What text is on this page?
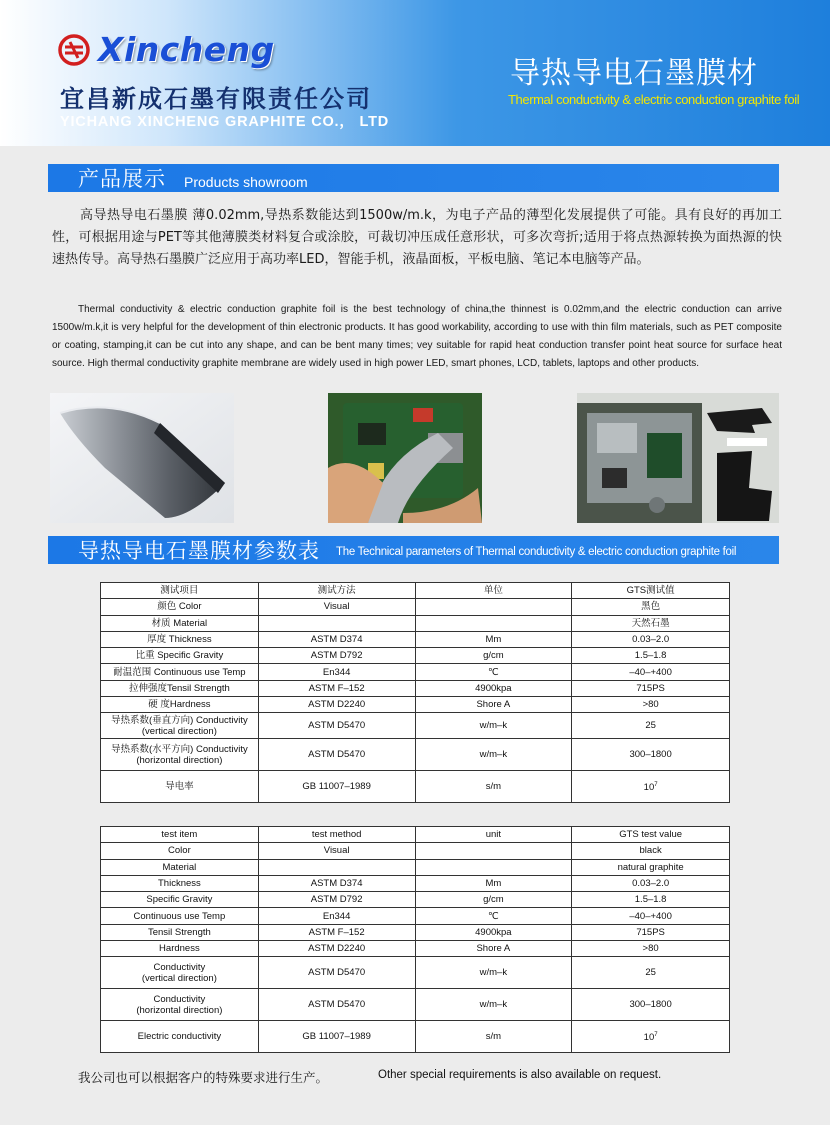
Xincheng
宜昌新成石墨有限责任公司
YICHANG XINCHENG GRAPHITE CO.， LTD
导热导电石墨膜材
Thermal conductivity & electric conduction graphite foil
产品展示 Products showroom

高导热导电石墨膜 薄0.02mm,导热系数能达到1500w/m.k，为电子产品的薄型化发展提供了可能。具有良好的再加工性，可根据用途与PET等其他薄膜类材料复合或涂胶，可裁切冲压成任意形状，可多次弯折;适用于将点热源转换为面热源的快速热传导。高导热石墨膜广泛应用于高功率LED，智能手机，液晶面板，平板电脑、笔记本电脑等产品。

Thermal conductivity & electric conduction graphite foil is the best technology of china,the thinnest is 0.02mm,and the electric conduction can arrive 1500w/m.k,it is very helpful for the development of thin electronic products. It has good workability, according to use with thin film materials, such as PET composite or coating, stamping,it can be cut into any shape, and can be bent many times; vey suitable for rapid heat conduction transfer point heat source for surface heat source. High thermal conductivity graphite membrane are widely used in high power LED, smart phones, LCD, tablets, laptops and other products.

导热导电石墨膜材参数表 The Technical parameters of Thermal conductivity & electric conduction graphite foil
测试项目	测试方法	单位	GTS测试值
颜色 Color	Visual		黑色
材质 Material			天然石墨
厚度 Thickness	ASTM D374	Mm	0.03–2.0
比重 Specific Gravity	ASTM D792	g/cm	1.5–1.8
耐温范围 Continuous use Temp	En344	℃	–40–+400
拉伸强度Tensil Strength	ASTM F–152	4900kpa	715PS
硬 度Hardness	ASTM D2240	Shore A	>80
导热系数(垂直方向) Conductivity
(vertical direction)	ASTM D5470	w/m–k	25
导热系数(水平方向) Conductivity
(horizontal direction)	ASTM D5470	w/m–k	300–1800
导电率	GB 11007–1989	s/m	$10^7$
test item	test method	unit	GTS test value
Color	Visual		black
Material			natural graphite
Thickness	ASTM D374	Mm	0.03–2.0
Specific Gravity	ASTM D792	g/cm	1.5–1.8
Continuous use Temp	En344	℃	–40–+400
Tensil Strength	ASTM F–152	4900kpa	715PS
Hardness	ASTM D2240	Shore A	>80
Conductivity
(vertical direction)	ASTM D5470	w/m–k	25
Conductivity
(horizontal direction)	ASTM D5470	w/m–k	300–1800
Electric conductivity	GB 11007–1989	s/m	$10^7$
我公司也可以根据客户的特殊要求进行生产。	Other special requirements is also available on request.
